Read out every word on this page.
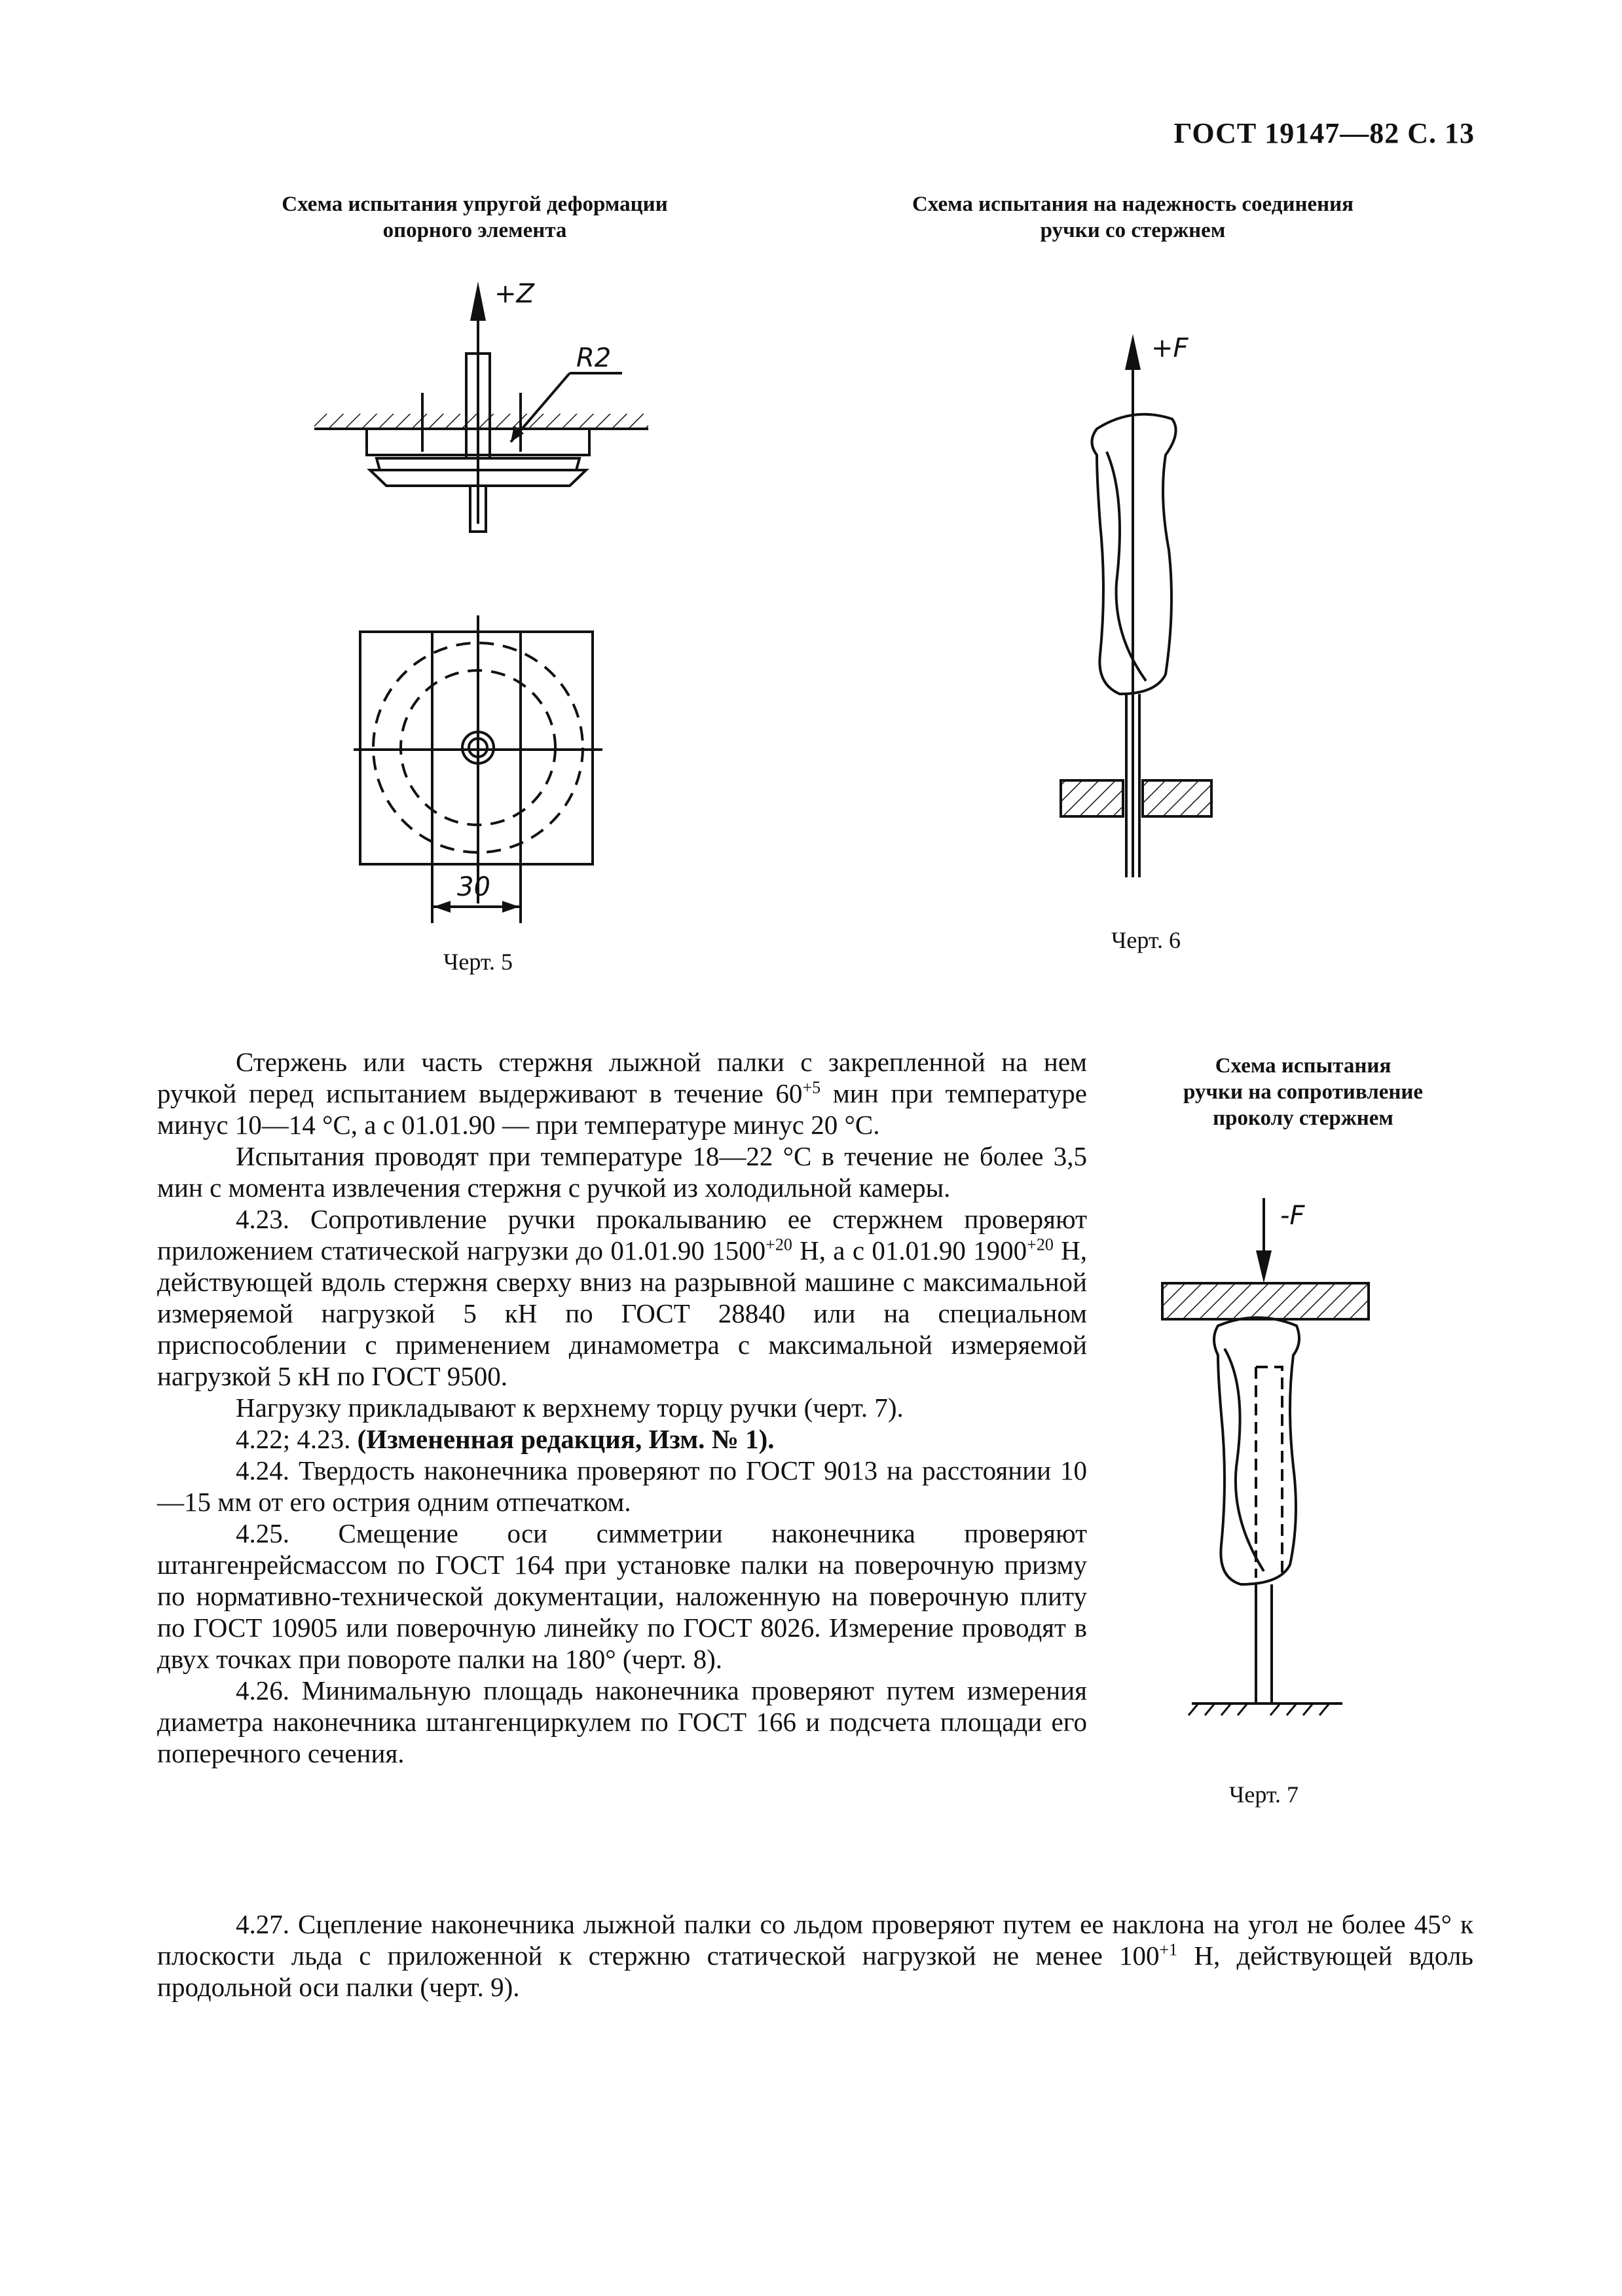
ГОСТ 19147—82 С. 13
Схема испытания упругой деформации
опорного элемента
Схема испытания на надежность соединения
ручки со стержнем
+Z
R2
30
Черт. 5
+F
Черт. 6
Схема испытания
ручки на сопротивление
проколу стержнем
-F
Черт. 7

Стержень или часть стержня лыжной палки с закрепленной на нем ручкой перед испытанием выдерживают в течение $60^{+5}$ мин при температуре минус 10—14 °С, а с 01.01.90 — при температуре минус 20 °С.

Испытания проводят при температуре 18—22 °С в течение не более 3,5 мин с момента извлечения стержня с ручкой из холодильной камеры.

4.23. Сопротивление ручки прокалыванию ее стержнем проверяют приложением статической нагрузки до 01.01.90 $1500^{+20}$ Н, а с 01.01.90 $1900^{+20}$ Н, действующей вдоль стержня сверху вниз на разрывной машине с максимальной измеряемой нагрузкой 5 кН по ГОСТ 28840 или на специальном приспособлении с применением динамометра с максимальной измеряемой нагрузкой 5 кН по ГОСТ 9500.

Нагрузку прикладывают к верхнему торцу ручки (черт. 7).

4.22; 4.23. (Измененная редакция, Изм. № 1).

4.24. Твердость наконечника проверяют по ГОСТ 9013 на расстоянии 10—15 мм от его острия одним отпечатком.

4.25. Смещение оси симметрии наконечника проверяют штангенрейсмассом по ГОСТ 164 при установке палки на поверочную призму по нормативно-технической документации, наложенную на поверочную плиту по ГОСТ 10905 или поверочную линейку по ГОСТ 8026. Измерение проводят в двух точках при повороте палки на 180° (черт. 8).

4.26. Минимальную площадь наконечника проверяют путем измерения диаметра наконечника штангенциркулем по ГОСТ 166 и подсчета площади его поперечного сечения.

4.27. Сцепление наконечника лыжной палки со льдом проверяют путем ее наклона на угол не более 45° к плоскости льда с приложенной к стержню статической нагрузкой не менее $100^{+1}$ Н, действующей вдоль продольной оси палки (черт. 9).
